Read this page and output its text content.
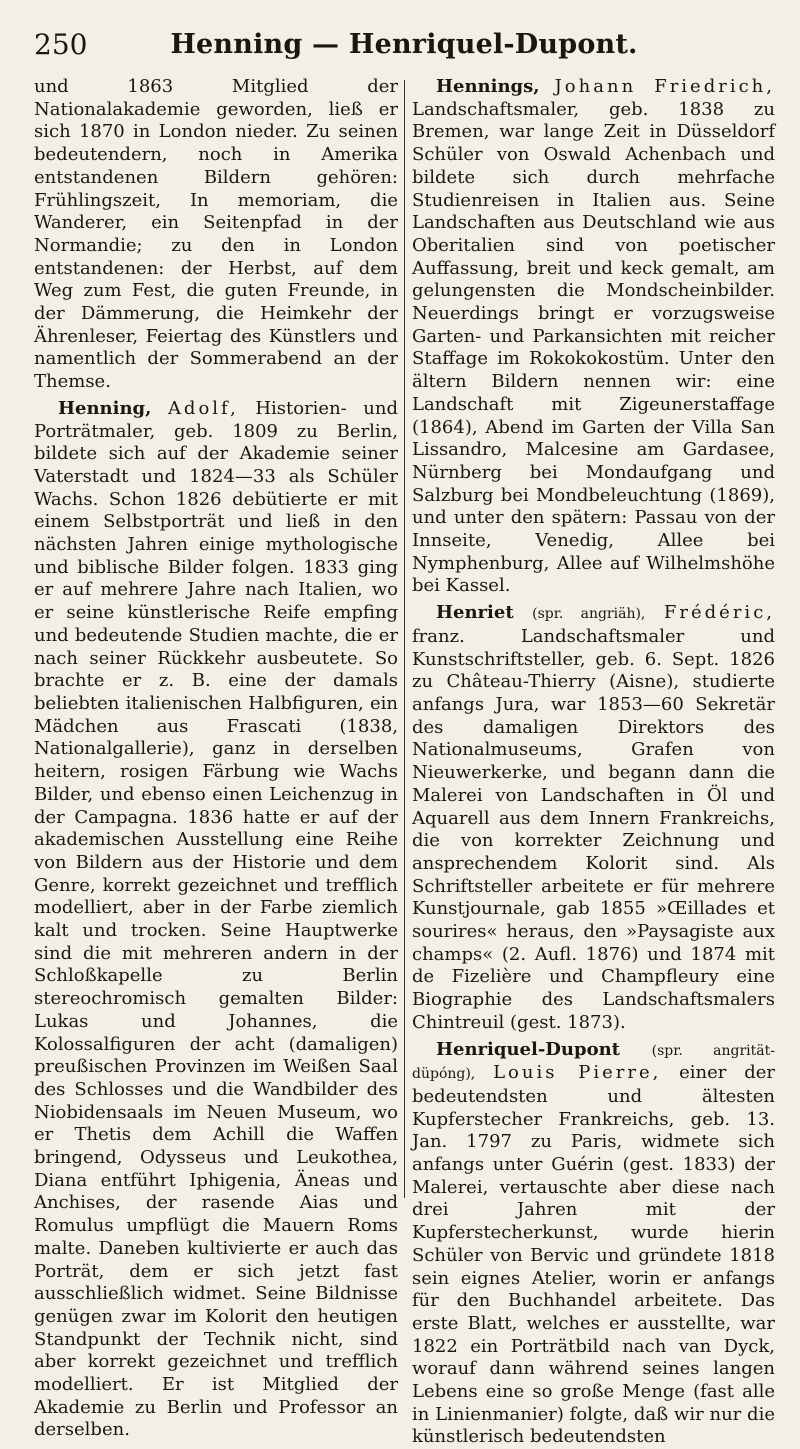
250	Henning — Henriquel-Dupont.

und 1863 Mitglied der Nationalakademie geworden, ließ er sich 1870 in London nieder. Zu seinen bedeutendern, noch in Amerika entstandenen Bildern gehören: Frühlingszeit, In memoriam, die Wanderer, ein Seitenpfad in der Normandie; zu den in London entstandenen: der Herbst, auf dem Weg zum Fest, die guten Freunde, in der Dämmerung, die Heimkehr der Ährenleser, Feiertag des Künstlers und namentlich der Sommerabend an der Themse.

Henning, Adolf, Historien- und Porträtmaler, geb. 1809 zu Berlin, bildete sich auf der Akademie seiner Vaterstadt und 1824—33 als Schüler Wachs. Schon 1826 debütierte er mit einem Selbstporträt und ließ in den nächsten Jahren einige mythologische und biblische Bilder folgen. 1833 ging er auf mehrere Jahre nach Italien, wo er seine künstlerische Reife empfing und bedeutende Studien machte, die er nach seiner Rückkehr ausbeutete. So brachte er z. B. eine der damals beliebten italienischen Halbfiguren, ein Mädchen aus Frascati (1838, Nationalgallerie), ganz in derselben heitern, rosigen Färbung wie Wachs Bilder, und ebenso einen Leichenzug in der Campagna. 1836 hatte er auf der akademischen Ausstellung eine Reihe von Bildern aus der Historie und dem Genre, korrekt gezeichnet und trefflich modelliert, aber in der Farbe ziemlich kalt und trocken. Seine Hauptwerke sind die mit mehreren andern in der Schloßkapelle zu Berlin stereochromisch gemalten Bilder: Lukas und Johannes, die Kolossalfiguren der acht (damaligen) preußischen Provinzen im Weißen Saal des Schlosses und die Wandbilder des Niobidensaals im Neuen Museum, wo er Thetis dem Achill die Waffen bringend, Odysseus und Leukothea, Diana entführt Iphigenia, Äneas und Anchises, der rasende Aias und Romulus umpflügt die Mauern Roms malte. Daneben kultivierte er auch das Porträt, dem er sich jetzt fast ausschließlich widmet. Seine Bildnisse genügen zwar im Kolorit den heutigen Standpunkt der Technik nicht, sind aber korrekt gezeichnet und trefflich modelliert. Er ist Mitglied der Akademie zu Berlin und Professor an derselben.

Hennings, Johann Friedrich, Landschaftsmaler, geb. 1838 zu Bremen, war lange Zeit in Düsseldorf Schüler von Oswald Achenbach und bildete sich durch mehrfache Studienreisen in Italien aus. Seine Landschaften aus Deutschland wie aus Oberitalien sind von poetischer Auffassung, breit und keck gemalt, am gelungensten die Mondscheinbilder. Neuerdings bringt er vorzugsweise Garten- und Parkansichten mit reicher Staffage im Rokokokostüm. Unter den ältern Bildern nennen wir: eine Landschaft mit Zigeunerstaffage (1864), Abend im Garten der Villa San Lissandro, Malcesine am Gardasee, Nürnberg bei Mondaufgang und Salzburg bei Mondbeleuchtung (1869), und unter den spätern: Passau von der Innseite, Venedig, Allee bei Nymphenburg, Allee auf Wilhelmshöhe bei Kassel.

Henriet (spr. angriäh), Frédéric, franz. Landschaftsmaler und Kunstschriftsteller, geb. 6. Sept. 1826 zu Château-Thierry (Aisne), studierte anfangs Jura, war 1853—60 Sekretär des damaligen Direktors des Nationalmuseums, Grafen von Nieuwerkerke, und begann dann die Malerei von Landschaften in Öl und Aquarell aus dem Innern Frankreichs, die von korrekter Zeichnung und ansprechendem Kolorit sind. Als Schriftsteller arbeitete er für mehrere Kunstjournale, gab 1855 »Œillades et sourires« heraus, den »Paysagiste aux champs« (2. Aufl. 1876) und 1874 mit de Fizelière und Champfleury eine Biographie des Landschaftsmalers Chintreuil (gest. 1873).

Henriquel-Dupont (spr. angrität-düpóng), Louis Pierre, einer der bedeutendsten und ältesten Kupferstecher Frankreichs, geb. 13. Jan. 1797 zu Paris, widmete sich anfangs unter Guérin (gest. 1833) der Malerei, vertauschte aber diese nach drei Jahren mit der Kupferstecherkunst, wurde hierin Schüler von Bervic und gründete 1818 sein eignes Atelier, worin er anfangs für den Buchhandel arbeitete. Das erste Blatt, welches er ausstellte, war 1822 ein Porträtbild nach van Dyck, worauf dann während seines langen Lebens eine so große Menge (fast alle in Linienmanier) folgte, daß wir nur die künstlerisch bedeutendsten
